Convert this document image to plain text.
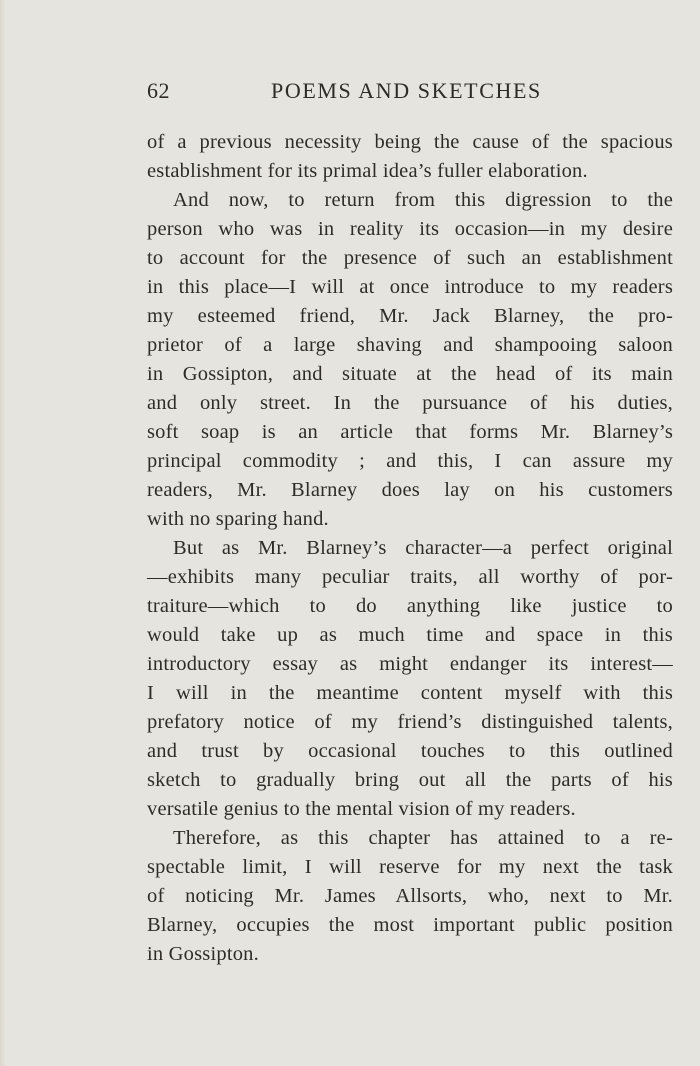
62	POEMS AND SKETCHES
of a previous necessity being the cause of the spacious
establishment for its primal idea’s fuller elaboration.
And now, to return from this digression to the
person who was in reality its occasion—in my desire
to account for the presence of such an establishment
in this place—I will at once introduce to my readers
my esteemed friend, Mr. Jack Blarney, the pro-
prietor of a large shaving and shampooing saloon
in Gossipton, and situate at the head of its main
and only street. In the pursuance of his duties,
soft soap is an article that forms Mr. Blarney’s
principal commodity ; and this, I can assure my
readers, Mr. Blarney does lay on his customers
with no sparing hand.
But as Mr. Blarney’s character—a perfect original
—exhibits many peculiar traits, all worthy of por-
traiture—which to do anything like justice to
would take up as much time and space in this
introductory essay as might endanger its interest—
I will in the meantime content myself with this
prefatory notice of my friend’s distinguished talents,
and trust by occasional touches to this outlined
sketch to gradually bring out all the parts of his
versatile genius to the mental vision of my readers.
Therefore, as this chapter has attained to a re-
spectable limit, I will reserve for my next the task
of noticing Mr. James Allsorts, who, next to Mr.
Blarney, occupies the most important public position
in Gossipton.
